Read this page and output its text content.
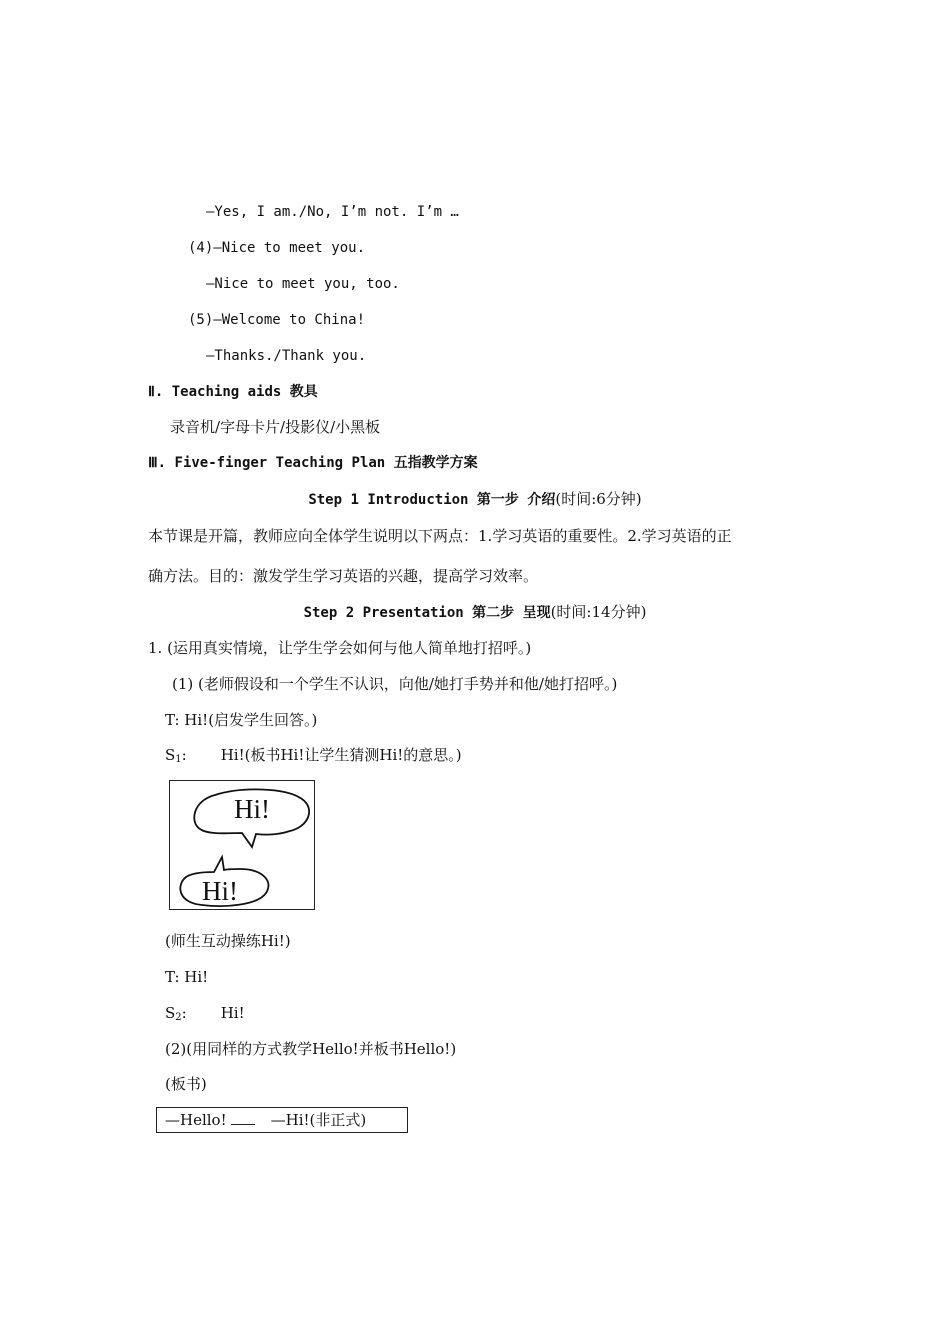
—Yes, I am./No, I’m not. I’m …
(4)—Nice to meet you.
—Nice to meet you, too.
(5)—Welcome to China!
—Thanks./Thank you.
Ⅱ. Teaching aids 教具
录音机/字母卡片/投影仪/小黑板
Ⅲ. Five-finger Teaching Plan 五指教学方案
Step 1 Introduction 第一步 介绍(时间:6分钟)
本节课是开篇，教师应向全体学生说明以下两点：1.学习英语的重要性。2.学习英语的正
确方法。目的：激发学生学习英语的兴趣，提高学习效率。
Step 2 Presentation 第二步 呈现(时间:14分钟)
1. (运用真实情境，让学生学会如何与他人简单地打招呼。)
(1) (老师假设和一个学生不认识，向他/她打手势并和他/她打招呼。)
T: Hi!(启发学生回答。)
$S_1$: Hi!(板书Hi!让学生猜测Hi!的意思。)
Hi!
Hi!
(师生互动操练Hi!)
T: Hi!
$S_2$: Hi!
(2)(用同样的方式教学Hello!并板书Hello!)
(板书)
—Hello!	—Hi!(非正式)
